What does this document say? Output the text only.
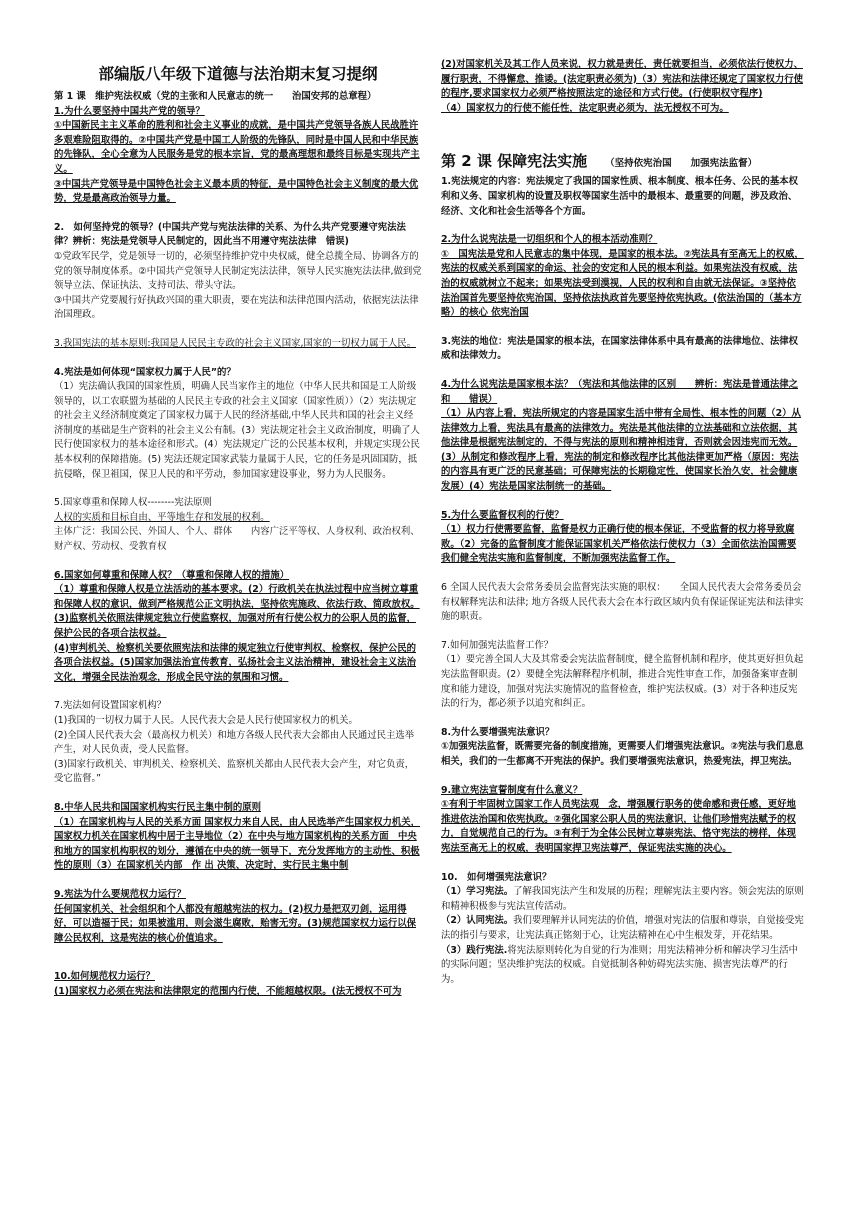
部编版八年级下道德与法治期末复习提纲

第 1 课　维护宪法权威（党的主张和人民意志的统一　　治国安邦的总章程）

1.为什么要坚持中国共产党的领导？

①中国新民主主义革命的胜利和社会主义事业的成就，是中国共产党领导各族人民战胜许多艰难险阻取得的。②中国共产党是中国工人阶级的先锋队，同时是中国人民和中华民族的先锋队，全心全意为人民服务是党的根本宗旨，党的最高理想和最终目标是实现共产主义。

③中国共产党领导是中国特色社会主义最本质的特征，是中国特色社会主义制度的最大优势，党是最高政治领导力量。

2.　如何坚持党的领导？(中国共产党与宪法法律的关系、为什么共产党要遵守宪法法律？辨析：宪法是党领导人民制定的，因此当不用遵守宪法法律　错误)

①党政军民学，党是领导一切的，必须坚持维护党中央权威，健全总揽全局、协调各方的党的领导制度体系。②中国共产党领导人民制定宪法法律，领导人民实施宪法法律,做到党领导立法、保证执法、支持司法、带头守法。

③中国共产党要履行好执政兴国的重大职责，要在宪法和法律范围内活动，依据宪法法律治国理政。

3.我国宪法的基本原则:我国是人民民主专政的社会主义国家,国家的一切权力属于人民。

4.宪法是如何体现“国家权力属于人民”的？

（1）宪法确认我国的国家性质，明确人民当家作主的地位（中华人民共和国是工人阶级领导的，以工农联盟为基础的人民民主专政的社会主义国家（国家性质））（2）宪法规定的社会主义经济制度奠定了国家权力属于人民的经济基础,中华人民共和国的社会主义经济制度的基础是生产资料的社会主义公有制。(3）宪法规定社会主义政治制度，明确了人民行使国家权力的基本途径和形式。(4）宪法规定广泛的公民基本权利，并规定实现公民基本权利的保障措施。(5) 宪法还规定国家武装力量属于人民，它的任务是巩固国防，抵抗侵略，保卫祖国，保卫人民的和平劳动，参加国家建设事业，努力为人民服务。

5.国家尊重和保障人权--------宪法原则

人权的实质和目标自由、平等地生存和发展的权利。

主体广泛：我国公民、外国人、个人、群体　　内容广泛平等权、人身权利、政治权利、财产权、劳动权、受教育权

6.国家如何尊重和保障人权？（尊重和保障人权的措施）

（1）尊重和保障人权是立法活动的基本要求。(2）行政机关在执法过程中应当树立尊重和保障人权的意识，做到严格规范公正文明执法，坚持依宪施政、依法行政、简政放权。(3)监察机关依照法律规定独立行使监察权，加强对所有行使公权力的公职人员的监督，保护公民的各项合法权益。

(4)审判机关、检察机关要依照宪法和法律的规定独立行使审判权、检察权，保护公民的各项合法权益。(5)国家加强法治宣传教育，弘扬社会主义法治精神，建设社会主义法治文化，增强全民法治观念，形成全民守法的氛围和习惯。

7.宪法如何设置国家机构？

(1)我国的一切权力属于人民。人民代表大会是人民行使国家权力的机关。

(2)全国人民代表大会（最高权力机关）和地方各级人民代表大会都由人民通过民主选举产生，对人民负责，受人民监督。

(3)国家行政机关、审判机关、检察机关、监察机关都由人民代表大会产生，对它负责，受它监督。”

8.中华人民共和国国家机构实行民主集中制的原则

（1）在国家机构与人民的关系方面 国家权力来自人民，由人民选举产生国家权力机关，国家权力机关在国家机构中居于主导地位（2）在中央与地方国家机构的关系方面　中央和地方的国家机构职权的划分，遵循在中央的统一领导下，充分发挥地方的主动性、积极性的原则（3）在国家机关内部　作 出 决策、决定时，实行民主集中制

9.宪法为什么要规范权力运行？

任何国家机关、社会组织和个人都没有超越宪法的权力。(2)权力是把双刃剑，运用得好，可以造福于民；如果被滥用，则会滋生腐败，贻害无穷。(3)规范国家权力运行以保障公民权利，这是宪法的核心价值追求。

10.如何规范权力运行？

(1)国家权力必须在宪法和法律限定的范围内行使，不能超越权限。(法无授权不可为

(2)对国家机关及其工作人员来说，权力就是责任，责任就要担当，必须依法行使权力、履行职责，不得懈怠、推诿。(法定职责必须为)（3）宪法和法律还规定了国家权力行使的程序,要求国家权力必须严格按照法定的途径和方式行使。(行使职权守程序)

（4）国家权力的行使不能任性，法定职责必须为，法无授权不可为。

第 2 课 保障宪法实施 （坚持依宪治国　　加强宪法监督）

1.宪法规定的内容：宪法规定了我国的国家性质、根本制度、根本任务、公民的基本权利和义务、国家机构的设置及职权等国家生活中的最根本、最重要的问题，涉及政治、经济、文化和社会生活等各个方面。

2.为什么说宪法是一切组织和个人的根本活动准则？

①　国宪法是党和人民意志的集中体现，是国家的根本法。②宪法具有至高无上的权威，宪法的权威关系到国家的命运、社会的安定和人民的根本利益。如果宪法没有权威，法治的权威就树立不起来；如果宪法受到漠视，人民的权利和自由就无法保证。③坚持依法治国首先要坚持依宪治国，坚持依法执政首先要坚持依宪执政。(依法治国的（基本方略）的核心 依宪治国

3.宪法的地位：宪法是国家的根本法，在国家法律体系中具有最高的法律地位、法律权威和法律效力。

4.为什么说宪法是国家根本法？（宪法和其他法律的区别　　辨析：宪法是普通法律之和　　错误）

（1）从内容上看，宪法所规定的内容是国家生活中带有全局性、根本性的问题（2）从法律效力上看，宪法具有最高的法律效力。宪法是其他法律的立法基础和立法依据，其他法律是根据宪法制定的，不得与宪法的原则和精神相违背，否则就会因违宪而无效。(3）从制定和修改程序上看，宪法的制定和修改程序比其他法律更加严格（原因：宪法的内容具有更广泛的民意基础；可保障宪法的长期稳定性，使国家长治久安，社会健康发展）(4）宪法是国家法制统一的基础。

5.为什么要监督权利的行使？

（1）权力行使需要监督，监督是权力正确行使的根本保证，不受监督的权力将导致腐败。（2）完备的监督制度才能保证国家机关严格依法行使权力（3）全面依法治国需要我们健全宪法实施和监督制度，不断加强宪法监督工作。

6 全国人民代表大会常务委员会监督宪法实施的职权：　　全国人民代表大会常务委员会有权解释宪法和法律; 地方各级人民代表大会在本行政区域内负有保证保证宪法和法律实施的职责。

7.如何加强宪法监督工作？

（1）要完善全国人大及其常委会宪法监督制度，健全监督机制和程序，使其更好担负起宪法监督职责。(2）要健全宪法解释程序机制，推进合宪性审查工作，加强备案审查制度和能力建设，加强对宪法实施情况的监督检查，维护宪法权威。(3）对于各种违反宪法的行为，都必须予以追究和纠正。

8.为什么要增强宪法意识？

①加强宪法监督，既需要完备的制度措施，更需要人们增强宪法意识。②宪法与我们息息相关，我们的一生都离不开宪法的保护。我们要增强宪法意识，热爱宪法，捍卫宪法。

9.建立宪法宣誓制度有什么意义？

①有利于牢固树立国家工作人员宪法观　念，增强履行职务的使命感和责任感，更好地推进依法治国和依宪执政。②强化国家公职人员的宪法意识，让他们珍惜宪法赋予的权力，自觉规范自己的行为。③有利于为全体公民树立尊崇宪法、恪守宪法的榜样，体现宪法至高无上的权威，表明国家捍卫宪法尊严，保证宪法实施的决心。

10.　如何增强宪法意识？

（1）学习宪法。了解我国宪法产生和发展的历程；理解宪法主要内容。领会宪法的原则和精神积极参与宪法宣传活动。

（2）认同宪法。我们要理解并认同宪法的价值，增强对宪法的信服和尊崇，自觉接受宪法的指引与要求，让宪法真正铭刻于心，让宪法精神在心中生根发芽，开花结果。

（3）践行宪法.将宪法原则转化为自觉的行为准则；用宪法精神分析和解决学习生活中的实际问题；坚决维护宪法的权威。自觉抵制各种妨碍宪法实施、损害宪法尊严的行为。
